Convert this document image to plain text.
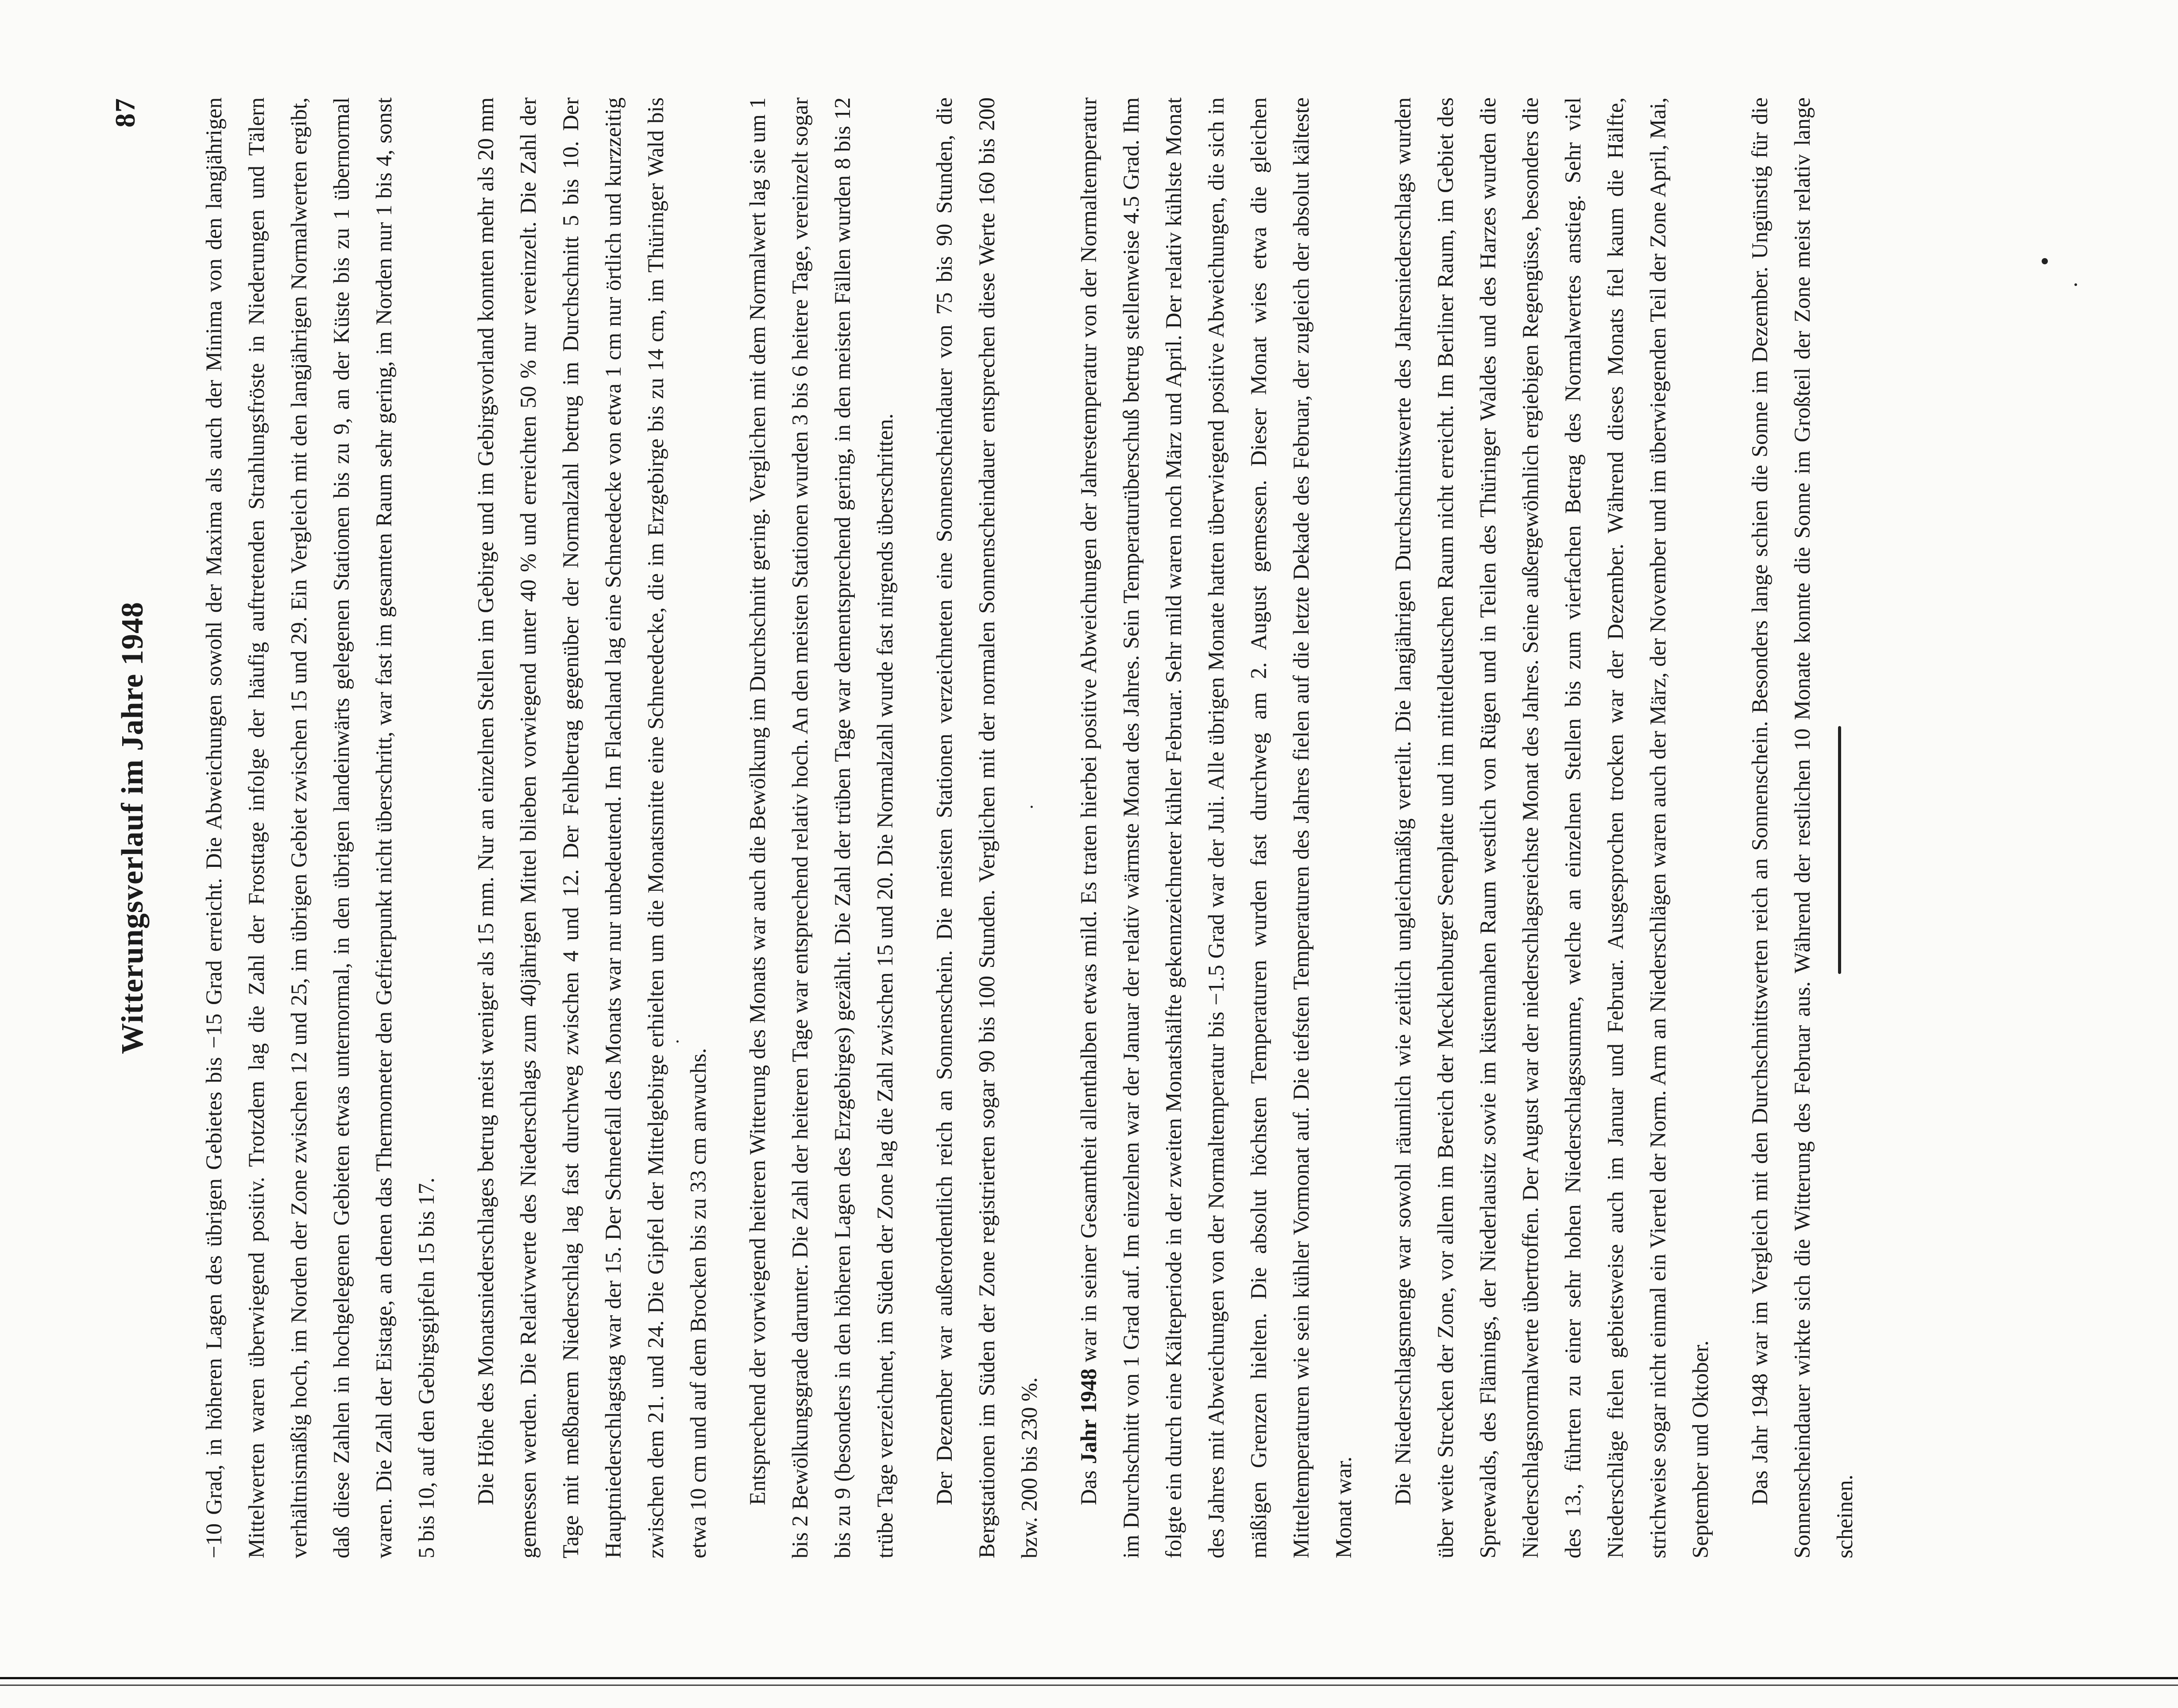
87
Witterungsverlauf im Jahre 1948	−10 Grad, in höheren Lagen des übrigen Gebietes bis −15 Grad erreicht. Die Abweichungen sowohl der Maxima als auch der Minima von den langjährigen Mittelwerten waren überwiegend positiv. Trotzdem lag die Zahl der Frosttage infolge der häufig auftretenden Strahlungsfröste in Niederungen und Tälern verhältnismäßig hoch, im Norden der Zone zwischen 12 und 25, im übrigen Gebiet zwischen 15 und 29. Ein Vergleich mit den langjährigen Normalwerten ergibt, daß diese Zahlen in hochgelegenen Gebieten etwas unternormal, in den übrigen landeinwärts gelegenen Stationen bis zu 9, an der Küste bis zu 1 übernormal waren. Die Zahl der Eistage, an denen das Thermometer den Gefrierpunkt nicht überschritt, war fast im gesamten Raum sehr gering, im Norden nur 1 bis 4, sonst 5 bis 10, auf den Gebirgsgipfeln 15 bis 17.	Die Höhe des Monatsniederschlages betrug meist weniger als 15 mm. Nur an einzelnen Stellen im Gebirge und im Gebirgsvorland konnten mehr als 20 mm gemessen werden. Die Relativwerte des Niederschlags zum 40jährigen Mittel blieben vorwiegend unter 40 % und erreichten 50 % nur vereinzelt. Die Zahl der Tage mit meßbarem Niederschlag lag fast durchweg zwischen 4 und 12. Der Fehlbetrag gegenüber der Normalzahl betrug im Durchschnitt 5 bis 10. Der Hauptniederschlagstag war der 15. Der Schneefall des Monats war nur unbedeutend. Im Flachland lag eine Schneedecke von etwa 1 cm nur örtlich und kurzzeitig zwischen dem 21. und 24. Die Gipfel der Mittelgebirge erhielten um die Monatsmitte eine Schneedecke, die im Erzgebirge bis zu 14 cm, im Thüringer Wald bis etwa 10 cm und auf dem Brocken bis zu 33 cm anwuchs.	Entsprechend der vorwiegend heiteren Witterung des Monats war auch die Bewölkung im Durchschnitt gering. Verglichen mit dem Normalwert lag sie um 1 bis 2 Bewölkungsgrade darunter. Die Zahl der heiteren Tage war entsprechend relativ hoch. An den meisten Stationen wurden 3 bis 6 heitere Tage, vereinzelt sogar bis zu 9 (besonders in den höheren Lagen des Erzgebirges) gezählt. Die Zahl der trüben Tage war dementsprechend gering, in den meisten Fällen wurden 8 bis 12 trübe Tage verzeichnet, im Süden der Zone lag die Zahl zwischen 15 und 20. Die Normalzahl wurde fast nirgends überschritten.	Der Dezember war außerordentlich reich an Sonnenschein. Die meisten Stationen verzeichneten eine Sonnenscheindauer von 75 bis 90 Stunden, die Bergstationen im Süden der Zone registrierten sogar 90 bis 100 Stunden. Verglichen mit der normalen Sonnenscheindauer entsprechen diese Werte 160 bis 200 bzw. 200 bis 230 %.	Das Jahr 1948 war in seiner Gesamtheit allenthalben etwas mild. Es traten hierbei positive Abweichungen der Jahrestemperatur von der Normaltemperatur im Durchschnitt von 1 Grad auf. Im einzelnen war der Januar der relativ wärmste Monat des Jahres. Sein Temperaturüberschuß betrug stellenweise 4.5 Grad. Ihm folgte ein durch eine Kälteperiode in der zweiten Monatshälfte gekennzeichneter kühler Februar. Sehr mild waren noch März und April. Der relativ kühlste Monat des Jahres mit Abweichungen von der Normaltemperatur bis −1.5 Grad war der Juli. Alle übrigen Monate hatten überwiegend positive Abweichungen, die sich in mäßigen Grenzen hielten. Die absolut höchsten Temperaturen wurden fast durchweg am 2. August gemessen. Dieser Monat wies etwa die gleichen Mitteltemperaturen wie sein kühler Vormonat auf. Die tiefsten Temperaturen des Jahres fielen auf die letzte Dekade des Februar, der zugleich der absolut kälteste Monat war.

Die Niederschlagsmenge war sowohl räumlich wie zeitlich ungleichmäßig verteilt. Die langjährigen Durchschnittswerte des Jahresniederschlags wurden über weite Strecken der Zone, vor allem im Bereich der Mecklenburger Seenplatte und im mitteldeutschen Raum nicht erreicht. Im Berliner Raum, im Gebiet des Spreewalds, des Flämings, der Niederlausitz sowie im küstennahen Raum westlich von Rügen und in Teilen des Thüringer Waldes und des Harzes wurden die Niederschlagsnormalwerte übertroffen. Der August war der niederschlagsreichste Monat des Jahres. Seine außergewöhnlich ergiebigen Regengüsse, besonders die des 13., führten zu einer sehr hohen Niederschlagssumme, welche an einzelnen Stellen bis zum vierfachen Betrag des Normalwertes anstieg. Sehr viel Niederschläge fielen gebietsweise auch im Januar und Februar. Ausgesprochen trocken war der Dezember. Während dieses Monats fiel kaum die Hälfte, strichweise sogar nicht einmal ein Viertel der Norm. Arm an Niederschlägen waren auch der März, der November und im überwiegenden Teil der Zone April, Mai, September und Oktober.	Das Jahr 1948 war im Vergleich mit den Durchschnittswerten reich an Sonnenschein. Besonders lange schien die Sonne im Dezember. Ungünstig für die Sonnenscheindauer wirkte sich die Witterung des Februar aus. Während der restlichen 10 Monate konnte die Sonne im Großteil der Zone meist relativ lange scheinen.
